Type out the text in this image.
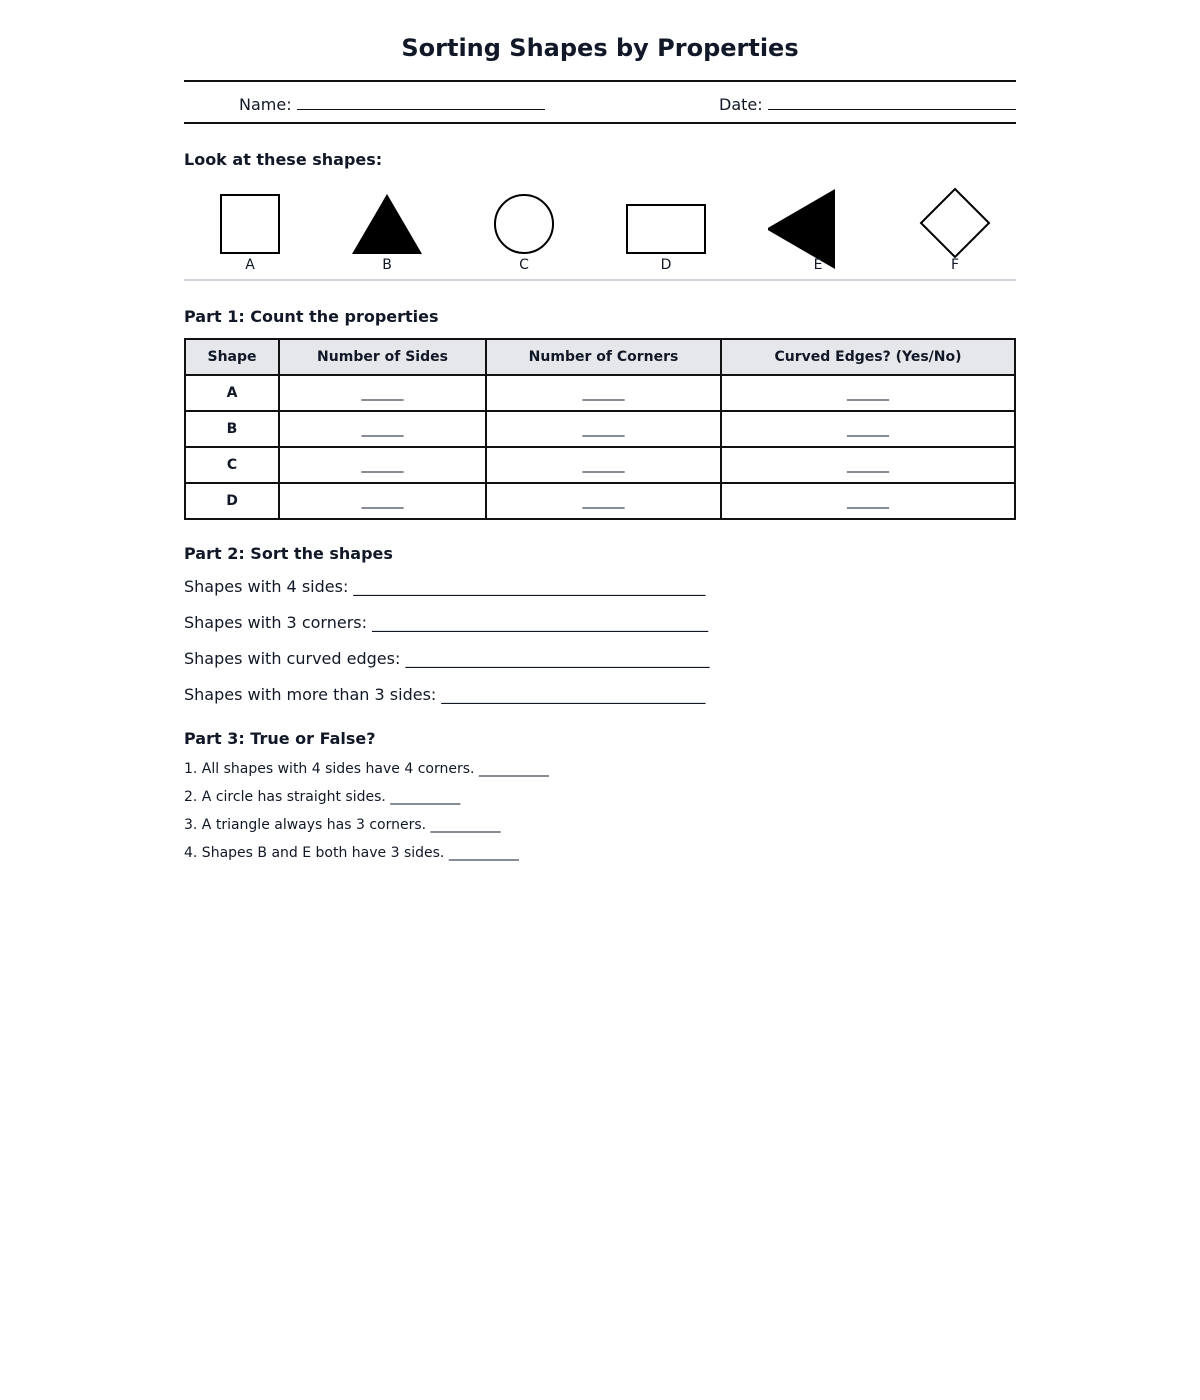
Sorting Shapes by Properties
Name:	Date:
Look at these shapes:
A	B	C	D	E	F
Part 1: Count the properties
Shape	Number of Sides	Number of Corners	Curved Edges? (Yes/No)
A	______	______	______
B	______	______	______
C	______	______	______
D	______	______	______
Part 2: Sort the shapes
Shapes with 4 sides: ____________________________________________
Shapes with 3 corners: __________________________________________
Shapes with curved edges: ______________________________________
Shapes with more than 3 sides: _________________________________
Part 3: True or False?
1. All shapes with 4 sides have 4 corners. __________
2. A circle has straight sides. __________
3. A triangle always has 3 corners. __________
4. Shapes B and E both have 3 sides. __________
